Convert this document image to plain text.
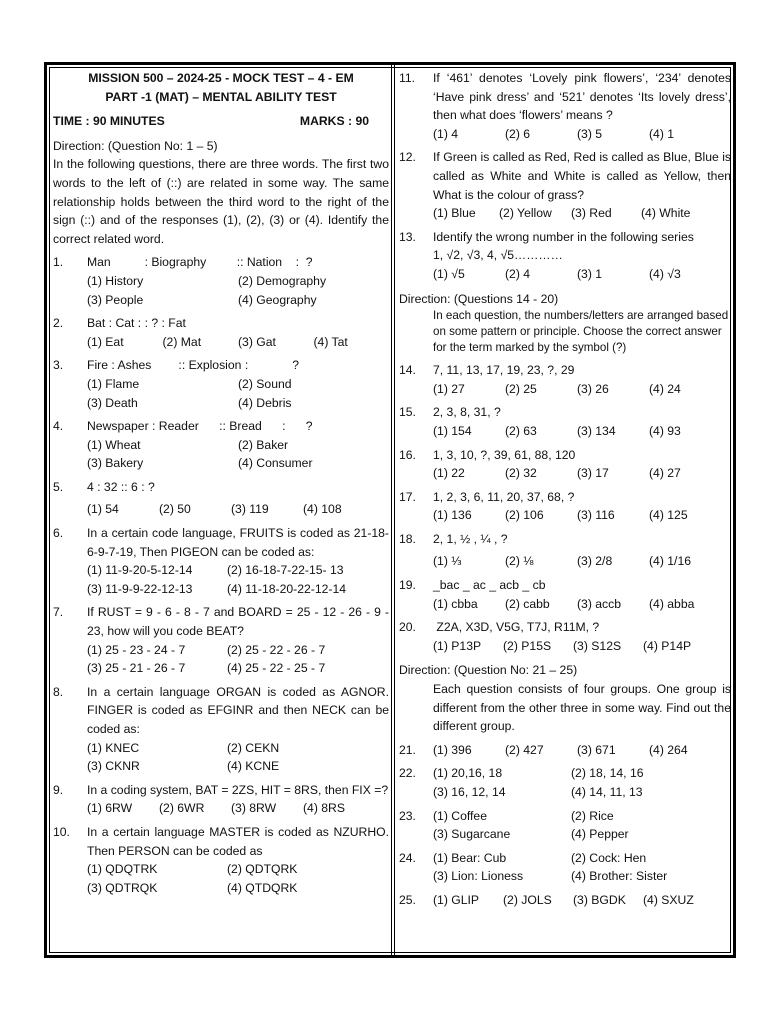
MISSION 500 – 2024-25 - MOCK TEST – 4 - EM
PART -1 (MAT) – MENTAL ABILITY TEST
TIME : 90 MINUTES	MARKS : 90
Direction: (Question No: 1 – 5)
In the following questions, there are three words. The first two words to the left of (::) are related in some way. The same relationship holds between the third word to the right of the sign (::) and of the responses (1), (2), (3) or (4). Identify the correct related word.
1.	Man          : Biography         :: Nation    :  ?
(1) History	(2) Demography
(3) People	(4) Geography
2.	Bat : Cat : : ? : Fat
(1) Eat	(2) Mat	(3) Gat	(4) Tat
3.	Fire : Ashes        :: Explosion :             ?
(1) Flame	(2) Sound
(3) Death	(4) Debris
4.	Newspaper : Reader      :: Bread      :      ?
(1) Wheat	(2) Baker
(3) Bakery	(4) Consumer
5.	4 : 32 :: 6 : ?
(1) 54	(2) 50	(3) 119	(4) 108
6.	In a certain code language, FRUITS is coded as 21-18-6-9-7-19, Then PIGEON can be coded as:
(1) 11-9-20-5-12-14	(2) 16-18-7-22-15- 13
(3) 11-9-9-22-12-13	(4) 11-18-20-22-12-14
7.	If RUST = 9 - 6 - 8 - 7 and BOARD = 25 - 12 - 26 - 9 - 23, how will you code BEAT?
(1) 25 - 23 - 24 - 7	(2) 25 - 22 - 26 - 7
(3) 25 - 21 - 26 - 7	(4) 25 - 22 - 25 - 7
8.	In a certain language ORGAN is coded as AGNOR. FINGER is coded as EFGINR and then NECK can be coded as:
(1) KNEC	(2) CEKN
(3) CKNR	(4) KCNE
9.	In a coding system, BAT = 2ZS, HIT = 8RS, then FIX =?
(1) 6RW	(2) 6WR	(3) 8RW	(4) 8RS
10.	In a certain language MASTER is coded as NZURHO. Then PERSON can be coded as
(1) QDQTRK	(2) QDTQRK
(3) QDTRQK	(4) QTDQRK
11.	If ‘461’ denotes ‘Lovely pink flowers’, ‘234’ denotes ‘Have pink dress’ and ‘521’ denotes ‘Its lovely dress’, then what does ‘flowers’ means ?
(1) 4	(2) 6	(3) 5	(4) 1
12.	If Green is called as Red, Red is called as Blue, Blue is called as White and White is called as Yellow, then What is the colour of grass?
(1) Blue	(2) Yellow	(3) Red	(4) White
13.	Identify the wrong number in the following series
1, √2, √3, 4, √5…………
(1) √5	(2) 4	(3) 1	(4) √3
Direction: (Questions 14 - 20)
In each question, the numbers/letters are arranged based on some pattern or principle. Choose the correct answer for the term marked by the symbol (?)
14.	7, 11, 13, 17, 19, 23, ?, 29
(1) 27	(2) 25	(3) 26	(4) 24
15.	2, 3, 8, 31, ?
(1) 154	(2) 63	(3) 134	(4) 93
16.	1, 3, 10, ?, 39, 61, 88, 120
(1) 22	(2) 32	(3) 17	(4) 27
17.	1, 2, 3, 6, 11, 20, 37, 68, ?
(1) 136	(2) 106	(3) 116	(4) 125
18.	2, 1, ½ , ¼ , ?
(1) ⅓	(2) ⅛	(3) 2/8	(4) 1/16
19.	_bac _ ac _ acb _ cb
(1) cbba	(2) cabb	(3) accb	(4) abba
20.	Z2A, X3D, V5G, T7J, R11M, ?
(1) P13P	(2) P15S	(3) S12S	(4) P14P
Direction: (Question No: 21 – 25)
Each question consists of four groups. One group is different from the other three in some way. Find out the different group.
21.	(1) 396	(2) 427	(3) 671	(4) 264
22.	(1) 20,16, 18	(2) 18, 14, 16
(3) 16, 12, 14	(4) 14, 11, 13
23.	(1) Coffee	(2) Rice
(3) Sugarcane	(4) Pepper
24.	(1) Bear: Cub	(2) Cock: Hen
(3) Lion: Lioness	(4) Brother: Sister
25.	(1) GLIP	(2) JOLS	(3) BGDK	(4) SXUZ
